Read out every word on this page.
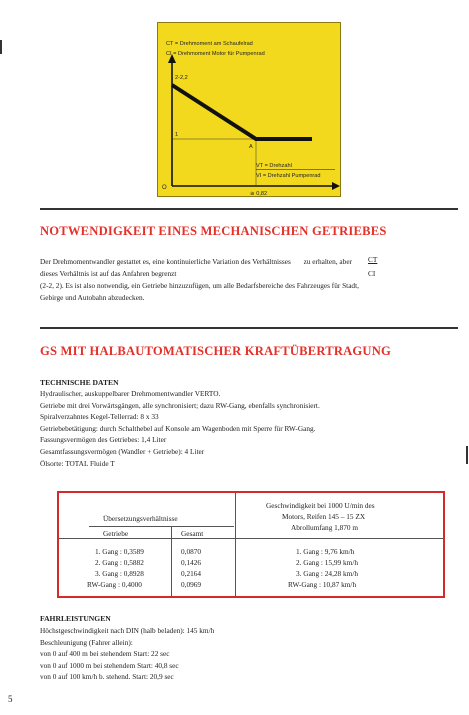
CT = Drehmoment am Schaufelrad
CI = Drehmoment Motor für Pumpenrad
2-2,2
1
A
O
VT = Drehzahl
VI = Drehzahl Pumpenrad
≅ 0,82
NOTWENDIGKEIT EINES MECHANISCHEN GETRIEBES
Der Drehmomentwandler gestattet es, eine kontinuierliche Variation des Verhältnisses zu erhalten, aber
dieses Verhältnis ist auf das Anfahren begrenzt
(2-2, 2). Es ist also notwendig, ein Getriebe hinzuzufügen, um alle Bedarfsbereiche des Fahrzeuges für Stadt,
Gebirge und Autobahn abzudecken.
CT
CI
GS MIT HALBAUTOMATISCHER KRAFTÜBERTRAGUNG
TECHNISCHE DATEN
Hydraulischer, auskuppelbarer Drehmomentwandler VERTO.
Getriebe mit drei Vorwärtsgängen, alle synchronisiert; dazu RW-Gang, ebenfalls synchronisiert.
Spiralverzahntes Kegel-Tellerrad: 8 x 33
Getriebebetätigung: durch Schalthebel auf Konsole am Wagenboden mit Sperre für RW-Gang.
Fassungsvermögen des Getriebes: 1,4 Liter
Gesamtfassungsvermögen (Wandler + Getriebe): 4 Liter
Ölsorte: TOTAL Fluide T
Übersetzungsverhältnisse
Geschwindigkeit bei 1000 U/min des
Motors, Reifen 145 – 15 ZX
Abrollumfang 1,870 m
Getriebe	Gesamt
1. Gang : 0,3589	0,0870	1. Gang : 9,76 km/h
2. Gang : 0,5882	0,1426	2. Gang : 15,99 km/h
3. Gang : 0,8928	0,2164	3. Gang : 24,28 km/h
RW-Gang : 0,4000	0,0969	RW-Gang : 10,87 km/h
FAHRLEISTUNGEN
Höchstgeschwindigkeit nach DIN (halb beladen): 145 km/h
Beschleunigung (Fahrer allein):
von 0 auf 400 m bei stehendem Start: 22 sec
von 0 auf 1000 m bei stehendem Start: 40,8 sec
von 0 auf 100 km/h b. stehend. Start: 20,9 sec
5
